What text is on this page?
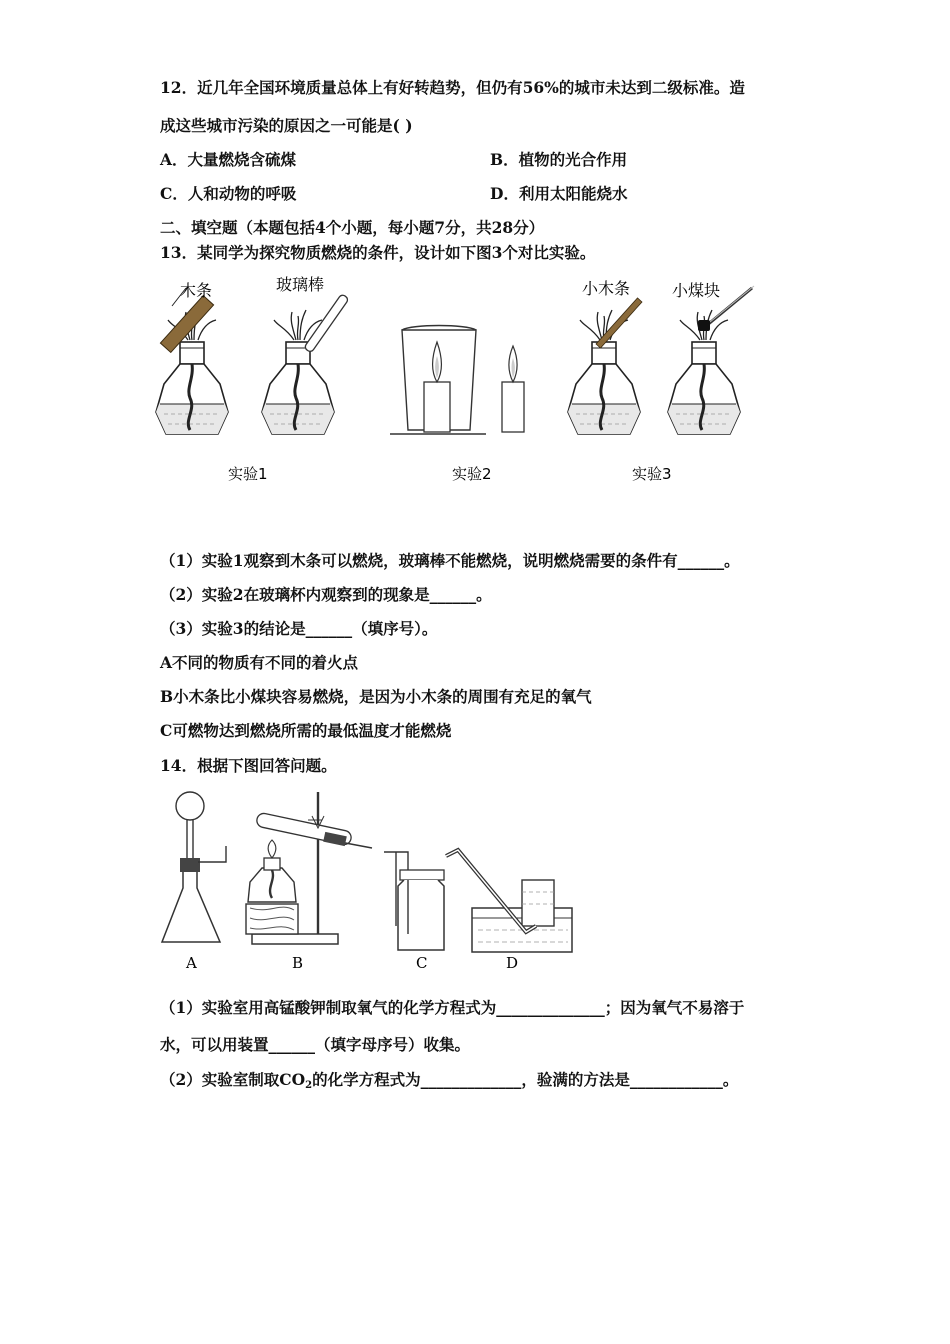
12．近几年全国环境质量总体上有好转趋势，但仍有56%的城市未达到二级标准。造
成这些城市污染的原因之一可能是( )
A．大量燃烧含硫煤	B．植物的光合作用
C．人和动物的呼吸	D．利用太阳能烧水
二、填空题（本题包括4个小题，每小题7分，共28分）
13．某同学为探究物质燃烧的条件，设计如下图3个对比实验。
木条	玻璃棒	小木条	小煤块
实验1	实验2	实验3
（1）实验1观察到木条可以燃烧，玻璃棒不能燃烧，说明燃烧需要的条件有______。
（2）实验2在玻璃杯内观察到的现象是______。
（3）实验3的结论是______（填序号）。
A不同的物质有不同的着火点
B小木条比小煤块容易燃烧，是因为小木条的周围有充足的氧气
C可燃物达到燃烧所需的最低温度才能燃烧
14．根据下图回答问题。
A	B	C	D
（1）实验室用高锰酸钾制取氧气的化学方程式为______________；因为氧气不易溶于
水，可以用装置______（填字母序号）收集。
（2）实验室制取$CO_2$的化学方程式为_____________，验满的方法是____________。
